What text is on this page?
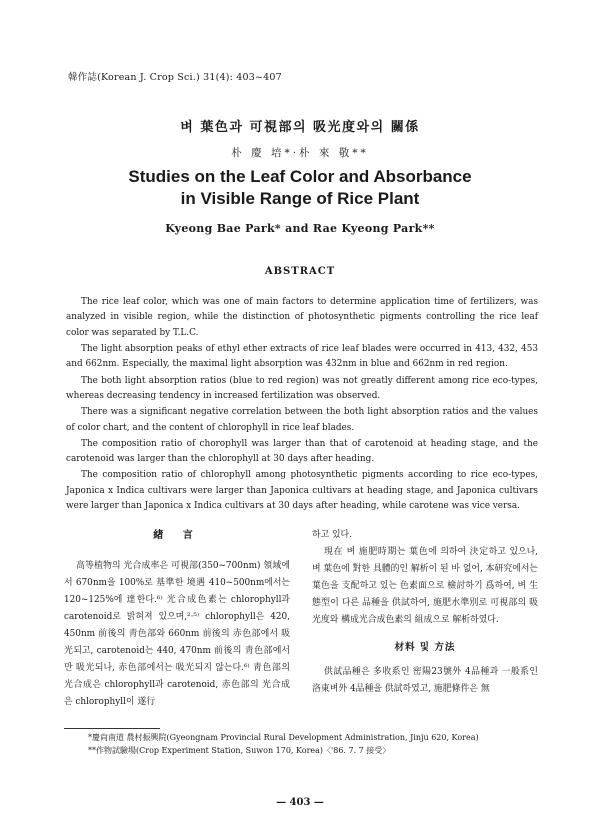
韓作誌(Korean J. Crop Sci.) 31(4): 403~407
벼 葉色과 可視部의 吸光度와의 關係
朴 慶 培*·朴 來 敬**
Studies on the Leaf Color and Absorbance
in Visible Range of Rice Plant
Kyeong Bae Park* and Rae Kyeong Park**
ABSTRACT

The rice leaf color, which was one of main factors to determine application time of fertilizers, was analyzed in visible region, while the distinction of photosynthetic pigments controlling the rice leaf color was separated by T.L.C.

The light absorption peaks of ethyl ether extracts of rice leaf blades were occurred in 413, 432, 453 and 662nm. Especially, the maximal light absorption was 432nm in blue and 662nm in red region.

The both light absorption ratios (blue to red region) was not greatly different among rice eco-types, whereas decreasing tendency in increased fertilization was observed.

There was a significant negative correlation between the both light absorption ratios and the values of color chart, and the content of chlorophyll in rice leaf blades.

The composition ratio of chorophyll was larger than that of carotenoid at heading stage, and the carotenoid was larger than the chlorophyll at 30 days after heading.

The composition ratio of chlorophyll among photosynthetic pigments according to rice eco-types, Japonica x Indica cultivars were larger than Japonica cultivars at heading stage, and Japonica cultivars were larger than Japonica x Indica cultivars at 30 days after heading, while carotene was vice versa.

緖 言

高等植物의 光合成率은 可視部(350~700nm) 領域에서 670nm을 100%로 基準한 境遇 410~500nm에서는 120~125%에 達한다.⁶⁾ 光合成色素는 chlorophyll과 carotenoid로 밝혀져 있으며,²·⁵⁾ chlorophyll은 420, 450nm 前後의 靑色部와 660nm 前後의 赤色部에서 吸光되고, carotenoid는 440, 470nm 前後의 靑色部에서만 吸光되나, 赤色部에서는 吸光되지 않는다.⁶⁾ 靑色部의 光合成은 chlorophyll과 carotenoid, 赤色部의 光合成은 chlorophyll이 遂行

하고 있다.

現在 벼 施肥時期는 葉色에 의하여 決定하고 있으나, 벼 葉色에 對한 具體的인 解析이 된 바 없어, 本研究에서는 葉色을 支配하고 있는 色素面으로 檢討하기 爲하여, 벼 生態型이 다른 品種을 供試하여, 施肥水準別로 可視部의 吸光度와 構成光合成色素의 組成으로 解析하였다.

材料 및 方法

供試品種은 多收系인 密陽23號外 4品種과 一般系인 洛東벼外 4品種을 供試하였고, 施肥條件은 無

*慶尙南道 農村振興院(Gyeongnam Provincial Rural Development Administration, Jinju 620, Korea)
**作物試驗場(Crop Experiment Station, Suwon 170, Korea)〈'86. 7. 7 接受〉
— 403 —
